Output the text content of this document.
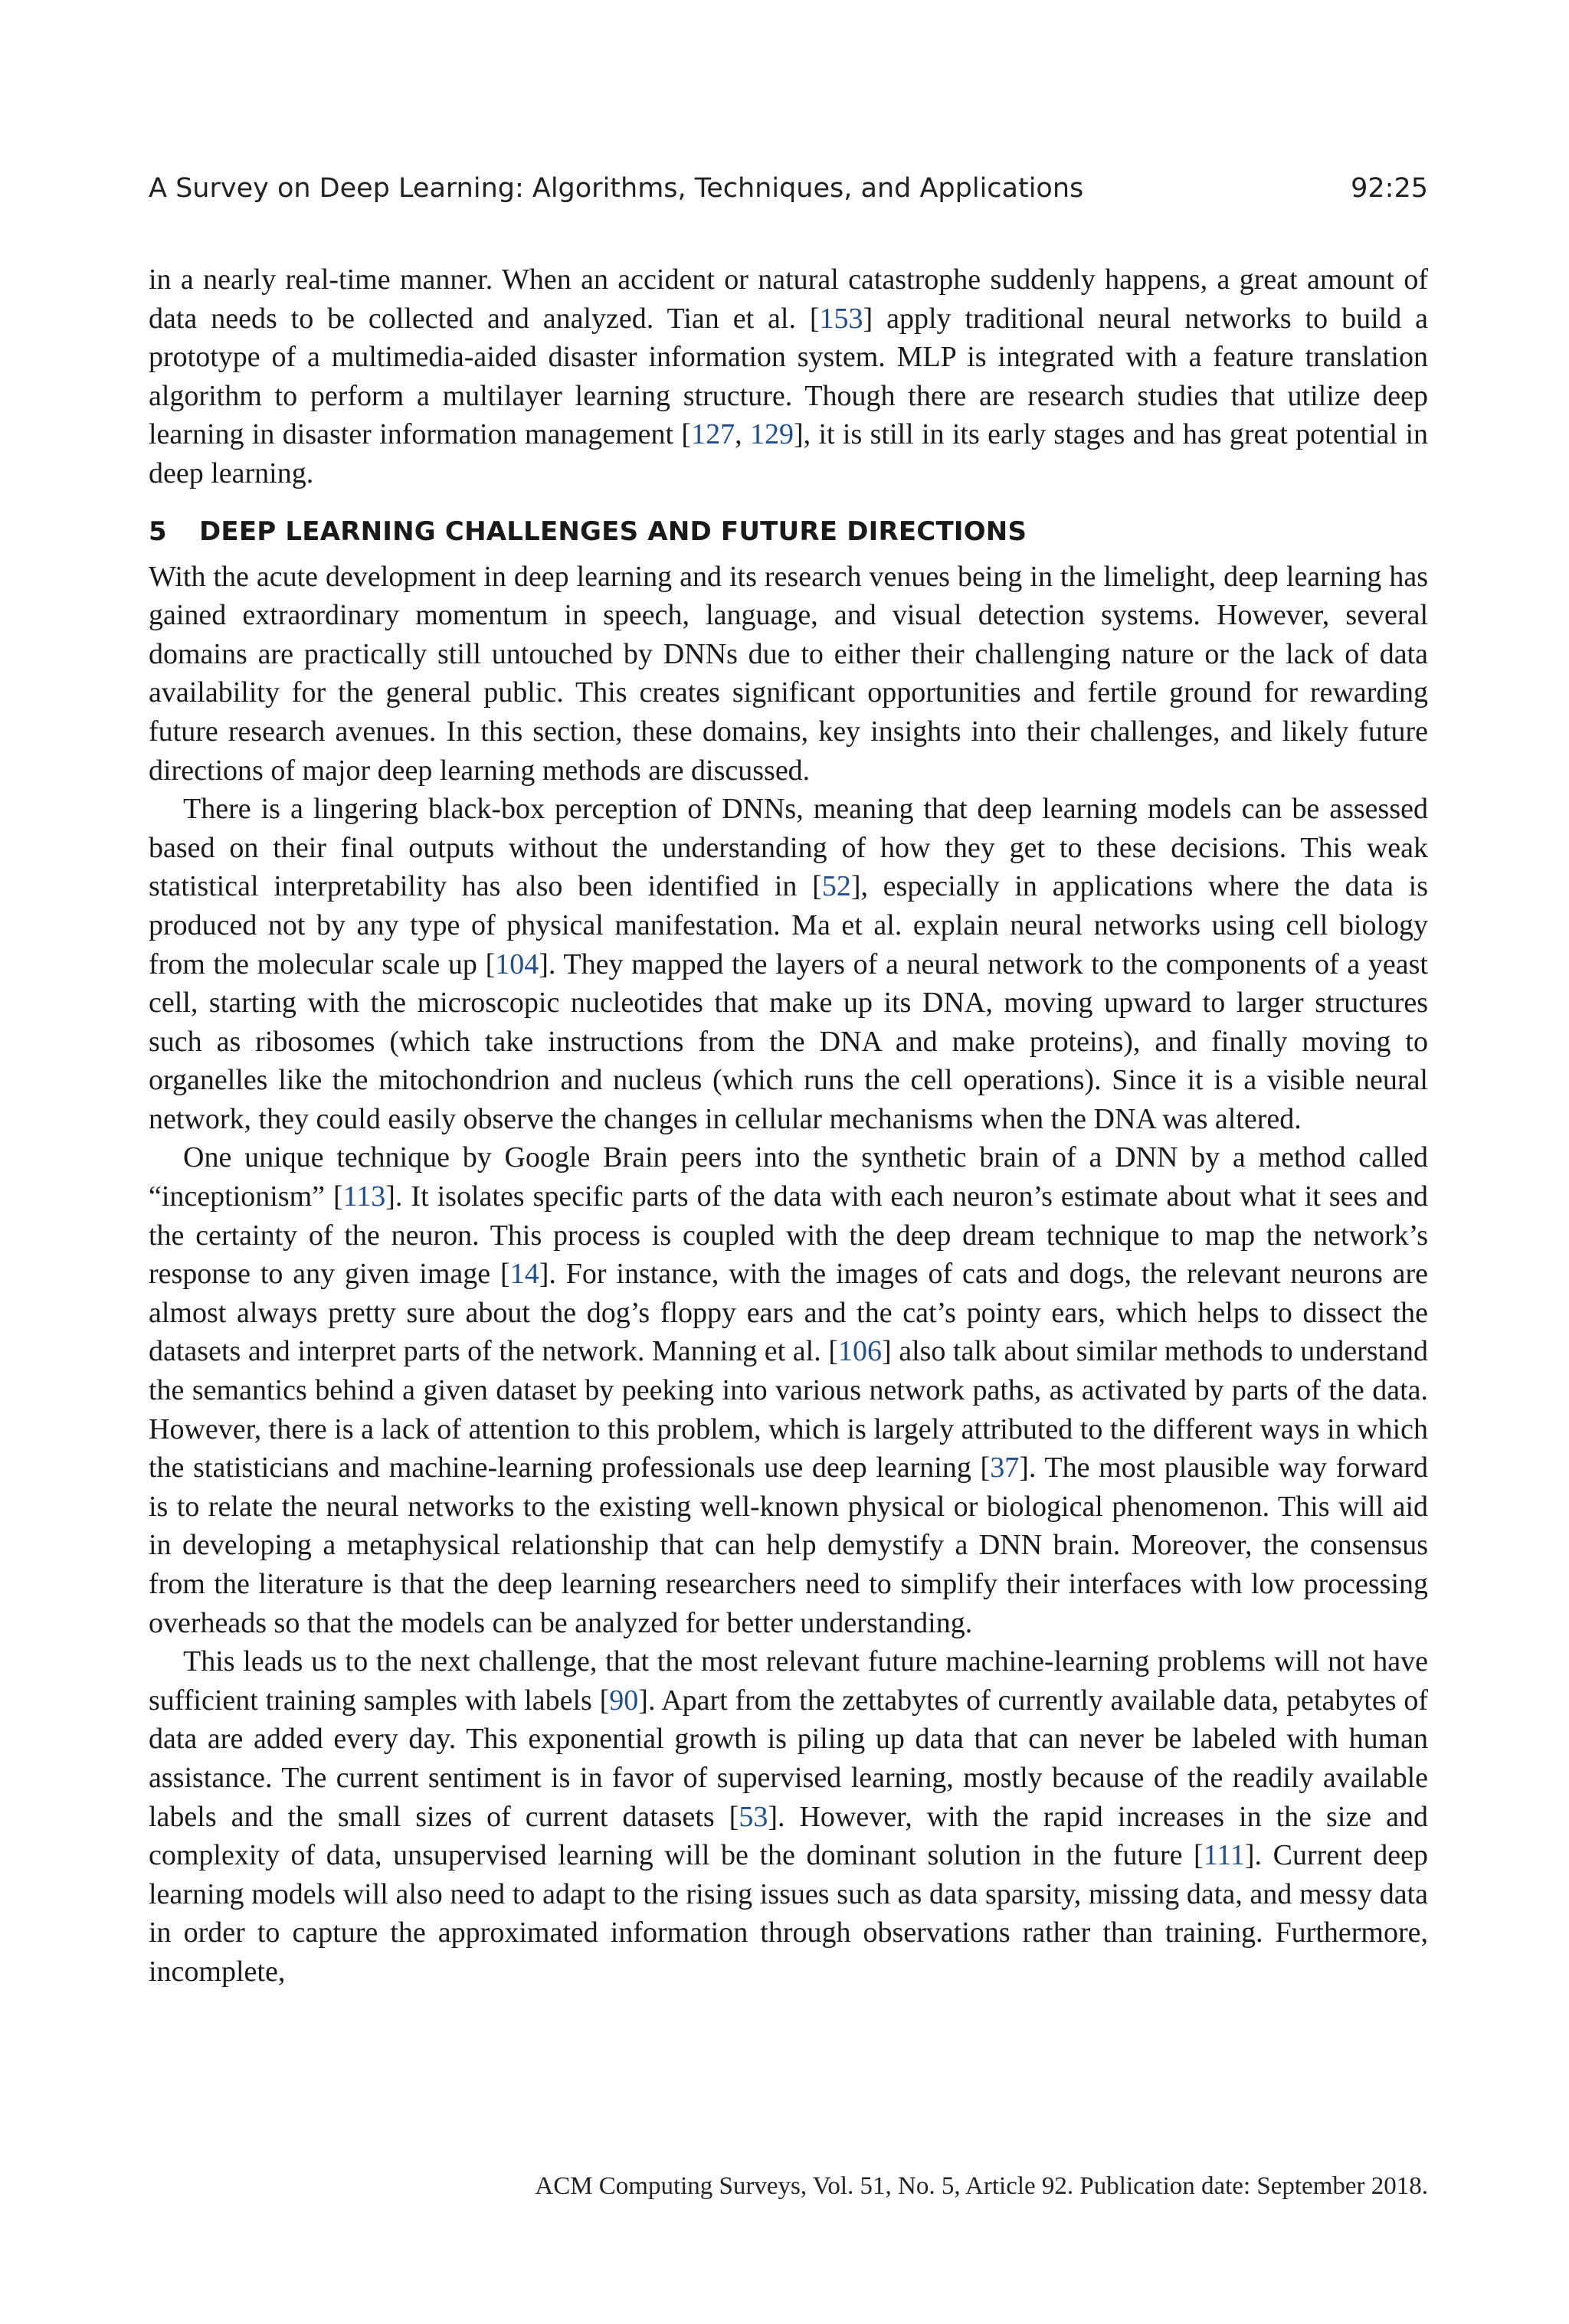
A Survey on Deep Learning: Algorithms, Techniques, and Applications	92:25

in a nearly real-time manner. When an accident or natural catastrophe suddenly happens, a great amount of data needs to be collected and analyzed. Tian et al. [153] apply traditional neural networks to build a prototype of a multimedia-aided disaster information system. MLP is integrated with a feature translation algorithm to perform a multilayer learning structure. Though there are research studies that utilize deep learning in disaster information management [127, 129], it is still in its early stages and has great potential in deep learning.

5 DEEP LEARNING CHALLENGES AND FUTURE DIRECTIONS

With the acute development in deep learning and its research venues being in the limelight, deep learning has gained extraordinary momentum in speech, language, and visual detection systems. However, several domains are practically still untouched by DNNs due to either their challenging nature or the lack of data availability for the general public. This creates significant opportunities and fertile ground for rewarding future research avenues. In this section, these domains, key insights into their challenges, and likely future directions of major deep learning methods are discussed.

There is a lingering black-box perception of DNNs, meaning that deep learning models can be assessed based on their final outputs without the understanding of how they get to these decisions. This weak statistical interpretability has also been identified in [52], especially in applications where the data is produced not by any type of physical manifestation. Ma et al. explain neural networks using cell biology from the molecular scale up [104]. They mapped the layers of a neural network to the components of a yeast cell, starting with the microscopic nucleotides that make up its DNA, moving upward to larger structures such as ribosomes (which take instructions from the DNA and make proteins), and finally moving to organelles like the mitochondrion and nucleus (which runs the cell operations). Since it is a visible neural network, they could easily observe the changes in cellular mechanisms when the DNA was altered.

One unique technique by Google Brain peers into the synthetic brain of a DNN by a method called “inceptionism” [113]. It isolates specific parts of the data with each neuron’s estimate about what it sees and the certainty of the neuron. This process is coupled with the deep dream technique to map the network’s response to any given image [14]. For instance, with the images of cats and dogs, the relevant neurons are almost always pretty sure about the dog’s floppy ears and the cat’s pointy ears, which helps to dissect the datasets and interpret parts of the network. Manning et al. [106] also talk about similar methods to understand the semantics behind a given dataset by peeking into various network paths, as activated by parts of the data. However, there is a lack of attention to this problem, which is largely attributed to the different ways in which the statisticians and machine-learning professionals use deep learning [37]. The most plausible way forward is to relate the neural networks to the existing well-known physical or biological phenomenon. This will aid in developing a metaphysical relationship that can help demystify a DNN brain. Moreover, the consensus from the literature is that the deep learning researchers need to simplify their interfaces with low processing overheads so that the models can be analyzed for better understanding.

This leads us to the next challenge, that the most relevant future machine-learning problems will not have sufficient training samples with labels [90]. Apart from the zettabytes of currently available data, petabytes of data are added every day. This exponential growth is piling up data that can never be labeled with human assistance. The current sentiment is in favor of supervised learning, mostly because of the readily available labels and the small sizes of current datasets [53]. However, with the rapid increases in the size and complexity of data, unsupervised learning will be the dominant solution in the future [111]. Current deep learning models will also need to adapt to the rising issues such as data sparsity, missing data, and messy data in order to capture the approximated information through observations rather than training. Furthermore, incomplete,

ACM Computing Surveys, Vol. 51, No. 5, Article 92. Publication date: September 2018.
